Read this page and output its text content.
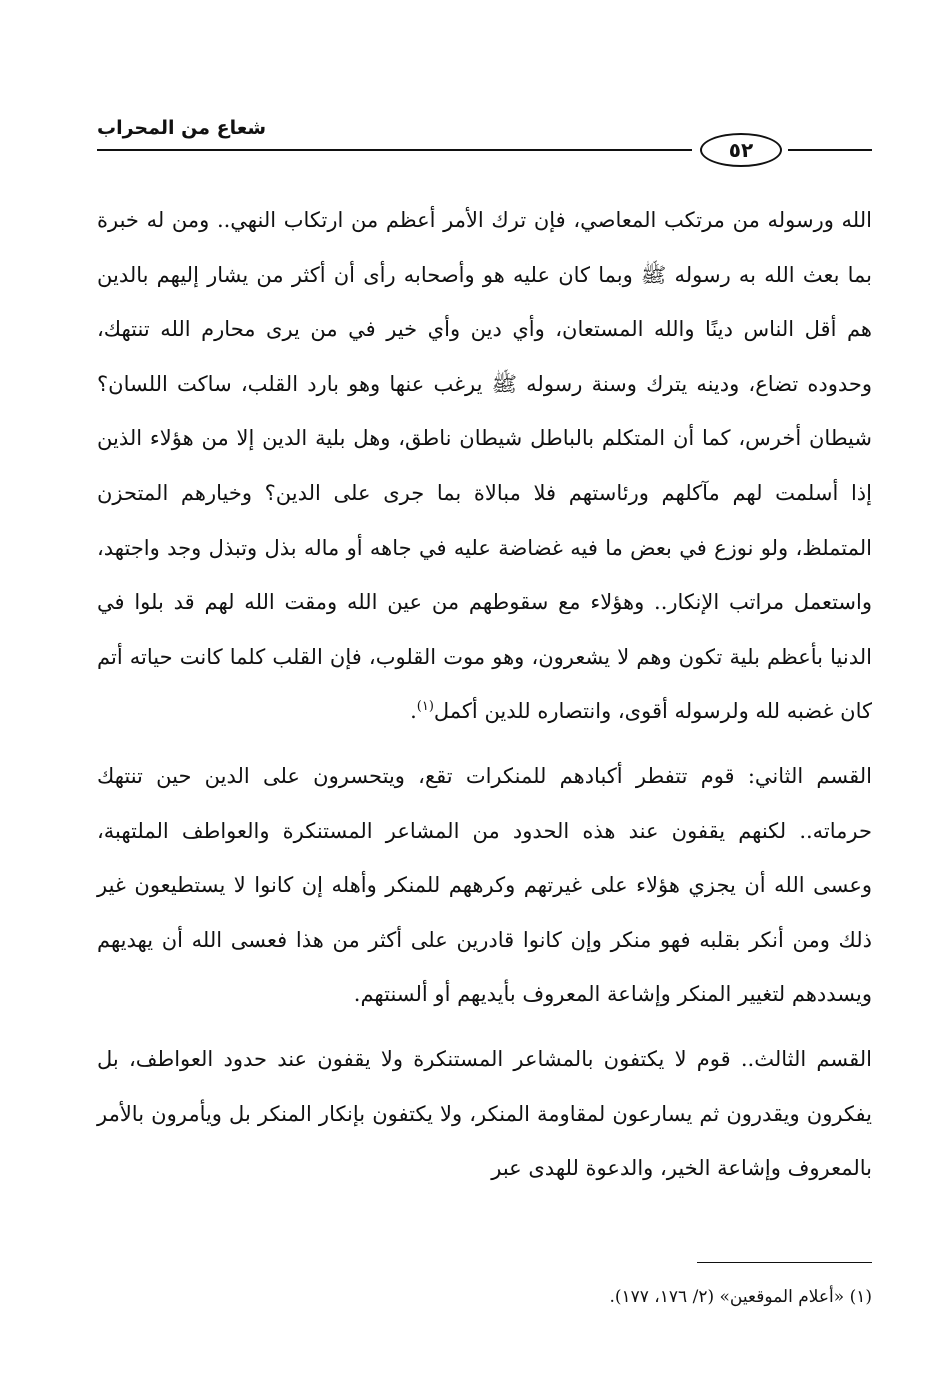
شعاع من المحراب
٥٢

الله ورسوله من مرتكب المعاصي، فإن ترك الأمر أعظم من ارتكاب النهي.. ومن له خبرة بما بعث الله به رسوله ﷺ وبما كان عليه هو وأصحابه رأى أن أكثر من يشار إليهم بالدين هم أقل الناس دينًا والله المستعان، وأي دين وأي خير في من يرى محارم الله تنتهك، وحدوده تضاع، ودينه يترك وسنة رسوله ﷺ يرغب عنها وهو بارد القلب، ساكت اللسان؟ شيطان أخرس، كما أن المتكلم بالباطل شيطان ناطق، وهل بلية الدين إلا من هؤلاء الذين إذا أسلمت لهم مآكلهم ورئاستهم فلا مبالاة بما جرى على الدين؟ وخيارهم المتحزن المتملظ، ولو نوزع في بعض ما فيه غضاضة عليه في جاهه أو ماله بذل وتبذل وجد واجتهد، واستعمل مراتب الإنكار.. وهؤلاء مع سقوطهم من عين الله ومقت الله لهم قد بلوا في الدنيا بأعظم بلية تكون وهم لا يشعرون، وهو موت القلوب، فإن القلب كلما كانت حياته أتم كان غضبه لله ولرسوله أقوى، وانتصاره للدين أكمل$^{(١)}$.

القسم الثاني: قوم تتفطر أكبادهم للمنكرات تقع، ويتحسرون على الدين حين تنتهك حرماته.. لكنهم يقفون عند هذه الحدود من المشاعر المستنكرة والعواطف الملتهبة، وعسى الله أن يجزي هؤلاء على غيرتهم وكرههم للمنكر وأهله إن كانوا لا يستطيعون غير ذلك ومن أنكر بقلبه فهو منكر وإن كانوا قادرين على أكثر من هذا فعسى الله أن يهديهم ويسددهم لتغيير المنكر وإشاعة المعروف بأيديهم أو ألسنتهم.

القسم الثالث.. قوم لا يكتفون بالمشاعر المستنكرة ولا يقفون عند حدود العواطف، بل يفكرون ويقدرون ثم يسارعون لمقاومة المنكر، ولا يكتفون بإنكار المنكر بل ويأمرون بالأمر بالمعروف وإشاعة الخير، والدعوة للهدى عبر

(١) «أعلام الموقعين» (٢/ ١٧٦، ١٧٧).
